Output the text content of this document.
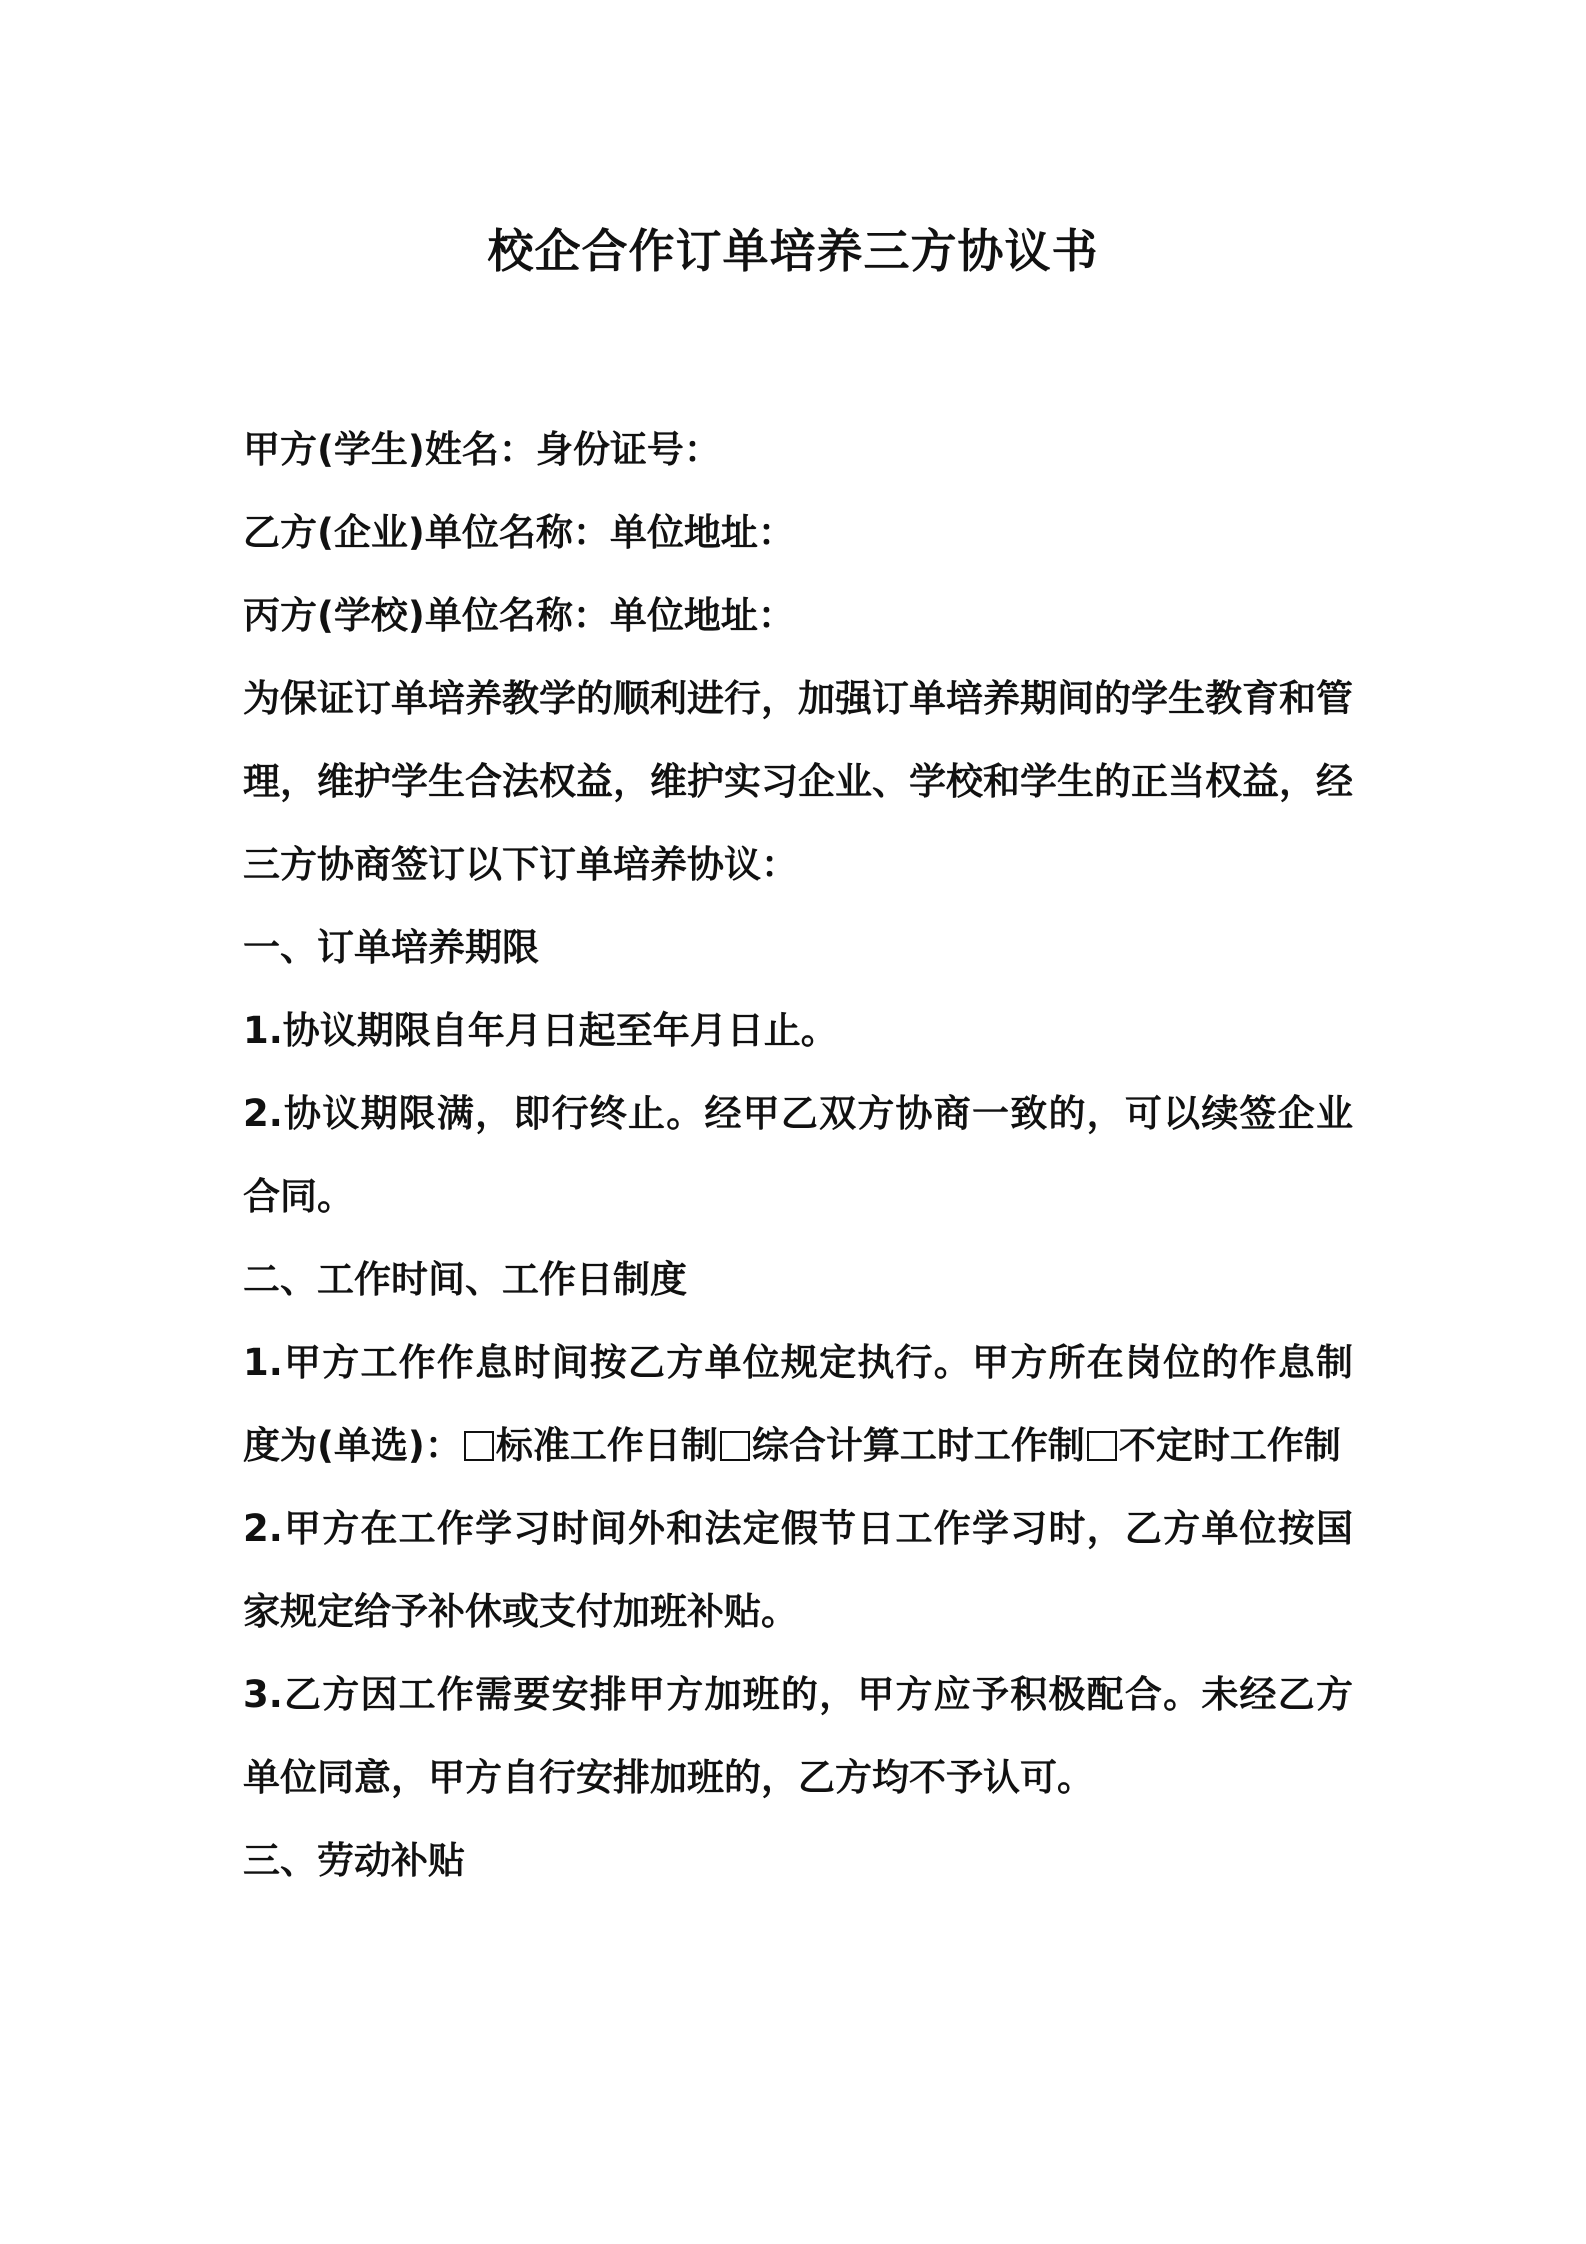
校企合作订单培养三方协议书
甲方(学生)姓名：身份证号：
乙方(企业)单位名称：单位地址：
丙方(学校)单位名称：单位地址：
为保证订单培养教学的顺利进行，加强订单培养期间的学生教育和管理，维护学生合法权益，维护实习企业、学校和学生的正当权益，经三方协商签订以下订单培养协议：
一、订单培养期限
1.协议期限自年月日起至年月日止。
2.协议期限满，即行终止。经甲乙双方协商一致的，可以续签企业合同。
二、工作时间、工作日制度
1.甲方工作作息时间按乙方单位规定执行。甲方所在岗位的作息制度为(单选)： 标准工作日制 综合计算工时工作制 不定时工作制
2.甲方在工作学习时间外和法定假节日工作学习时，乙方单位按国家规定给予补休或支付加班补贴。
3.乙方因工作需要安排甲方加班的，甲方应予积极配合。未经乙方单位同意，甲方自行安排加班的，乙方均不予认可。
三、劳动补贴
